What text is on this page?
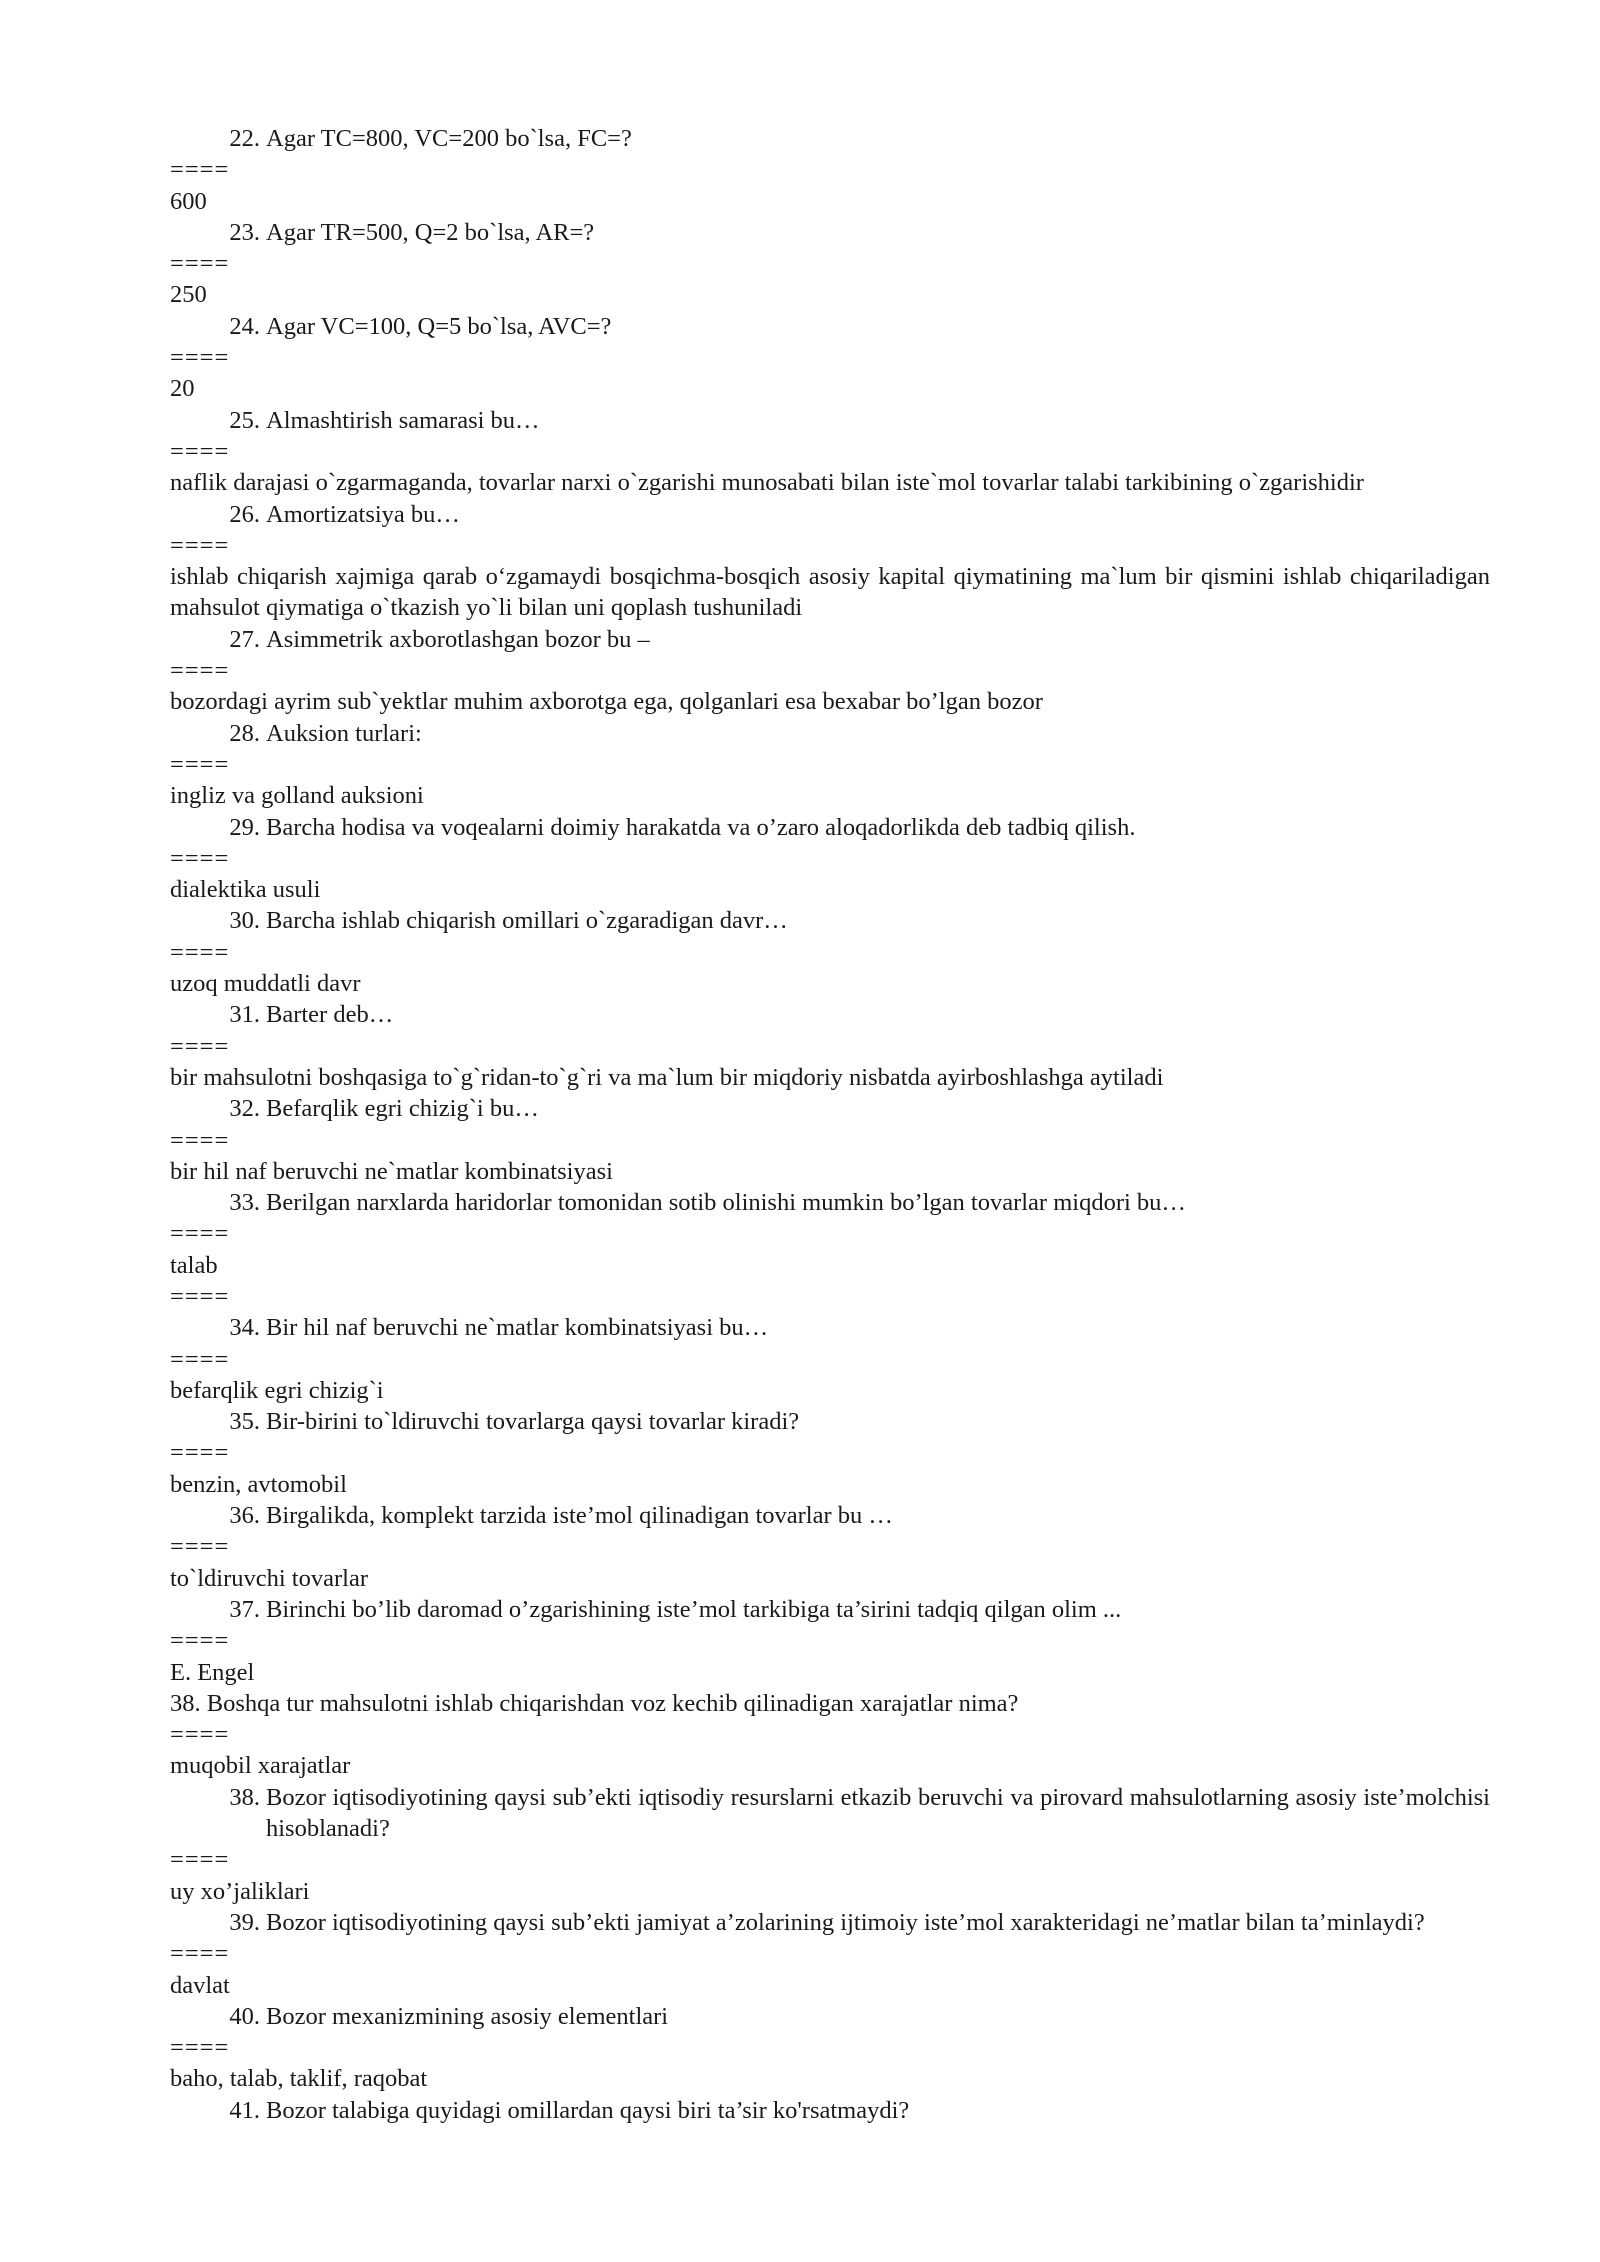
22. Agar TC=800, VC=200 bo`lsa, FC=?
====
600
23. Agar TR=500, Q=2 bo`lsa, AR=?
====
250
24. Agar VC=100, Q=5 bo`lsa, AVC=?
====
20
25. Almashtirish samarasi bu…
====
naflik darajasi o`zgarmaganda, tovarlar narxi o`zgarishi munosabati bilan iste`mol tovarlar talabi tarkibining o`zgarishidir
26. Amortizatsiya bu…
====
ishlab chiqarish xajmiga qarab o‘zgamaydi bosqichma-bosqich asosiy kapital qiymatining ma`lum bir qismini ishlab chiqariladigan mahsulot qiymatiga o`tkazish yo`li bilan uni qoplash tushuniladi
27. Asimmetrik axborotlashgan bozor bu –
====
bozordagi ayrim sub`yektlar muhim axborotga ega, qolganlari esa bexabar bo’lgan bozor
28. Auksion turlari:
====
ingliz va golland auksioni
29. Barcha hodisa va voqealarni doimiy harakatda va o’zaro aloqadorlikda deb tadbiq qilish.
====
dialektika usuli
30. Barcha ishlab chiqarish omillari o`zgaradigan davr…
====
uzoq muddatli davr
31. Barter deb…
====
bir mahsulotni boshqasiga to`g`ridan-to`g`ri va ma`lum bir miqdoriy nisbatda ayirboshlashga aytiladi
32. Befarqlik egri chizig`i bu…
====
bir hil naf beruvchi ne`matlar kombinatsiyasi
33. Berilgan narxlarda haridorlar tomonidan sotib olinishi mumkin bo’lgan tovarlar miqdori bu…
====
talab
====
34. Bir hil naf beruvchi ne`matlar kombinatsiyasi bu…
====
befarqlik egri chizig`i
35. Bir-birini to`ldiruvchi tovarlarga qaysi tovarlar kiradi?
====
benzin, avtomobil
36. Birgalikda, komplekt tarzida iste’mol qilinadigan tovarlar bu …
====
to`ldiruvchi tovarlar
37. Birinchi bo’lib daromad o’zgarishining iste’mol tarkibiga ta’sirini tadqiq qilgan olim ...
====
E. Engel
38. Boshqa tur mahsulotni ishlab chiqarishdan voz kechib qilinadigan xarajatlar nima?
====
muqobil xarajatlar
38. Bozor iqtisodiyotining qaysi sub’ekti iqtisodiy resurslarni etkazib beruvchi va pirovard mahsulotlarning asosiy iste’molchisi hisoblanadi?
====
uy xo’jaliklari
39. Bozor iqtisodiyotining qaysi sub’ekti jamiyat a’zolarining ijtimoiy iste’mol xarakteridagi ne’matlar bilan ta’minlaydi?
====
davlat
40. Bozor mexanizmining asosiy elementlari
====
baho, talab, taklif, raqobat
41. Bozor talabiga quyidagi omillardan qaysi biri ta’sir ko'rsatmaydi?
